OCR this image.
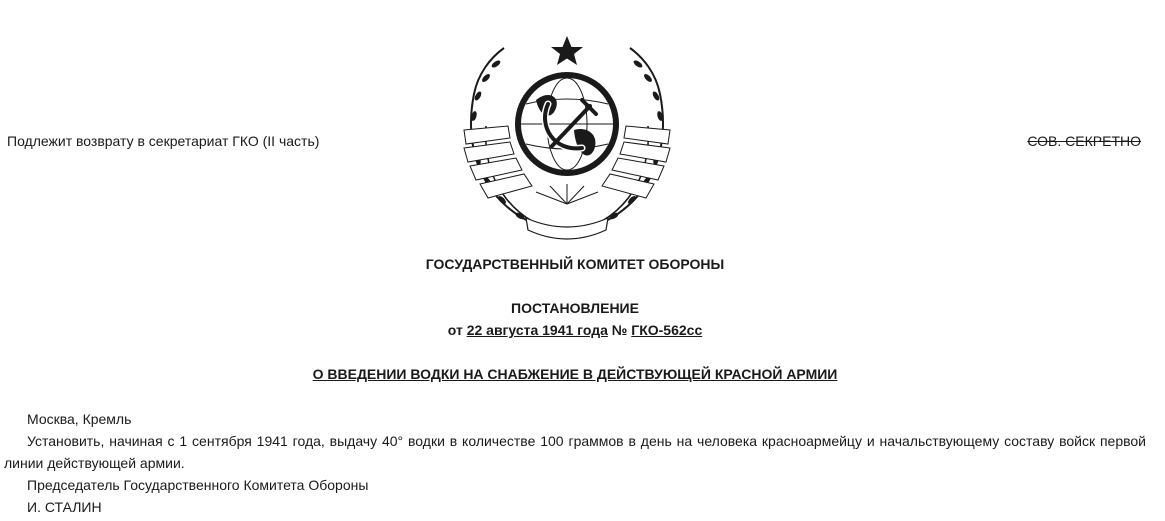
Подлежит возврату в секретариат ГКО (II часть)	СОВ. СЕКРЕТНО
ГОСУДАРСТВЕННЫЙ КОМИТЕТ ОБОРОНЫ
ПОСТАНОВЛЕНИЕ
от 22 августа 1941 года № ГКО-562сс
О ВВЕДЕНИИ ВОДКИ НА СНАБЖЕНИЕ В ДЕЙСТВУЮЩЕЙ КРАСНОЙ АРМИИ
Москва, Кремль
Установить, начиная с 1 сентября 1941 года, выдачу 40° водки в количестве 100 граммов в день на человека красноармейцу и начальствующему составу войск первой линии действующей армии.
Председатель Государственного Комитета Обороны
И. СТАЛИН
